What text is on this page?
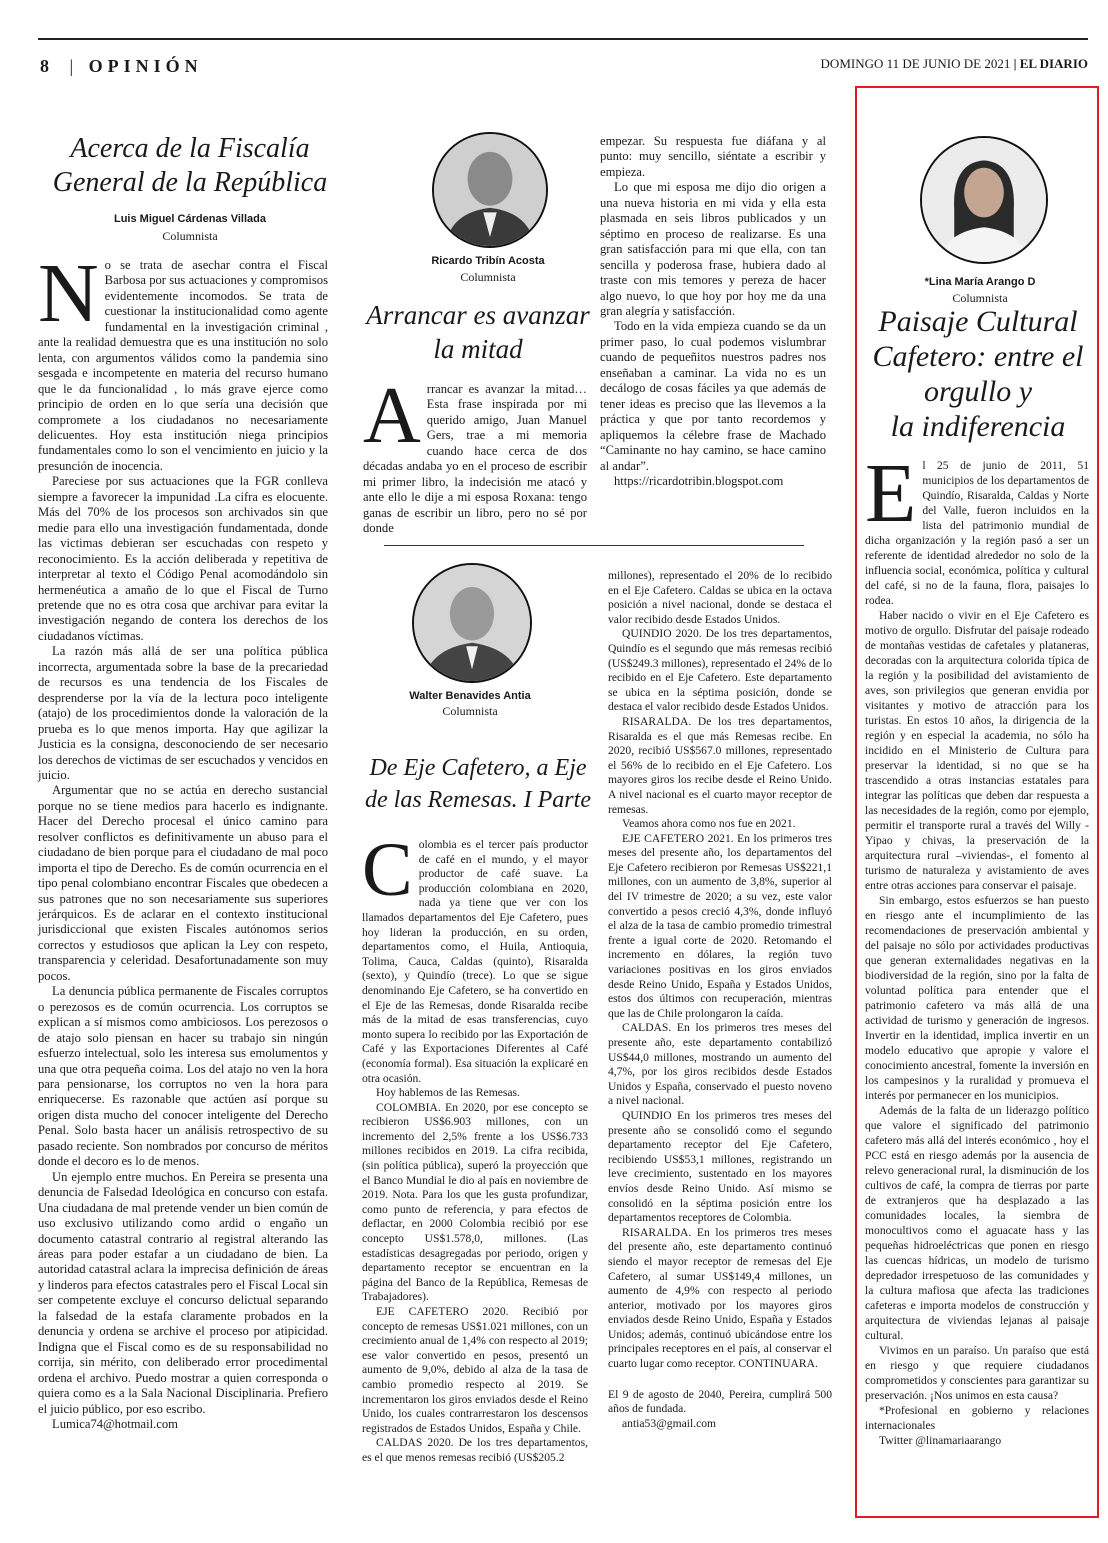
8 | OPINIÓN	DOMINGO 11 DE JUNIO DE 2021 | EL DIARIO
Acerca de la Fiscalía
General de la República
Luis Miguel Cárdenas Villada
Columnista
N o se trata de asechar contra el Fiscal Barbosa por sus actuaciones y compromisos evidentemente incomodos. Se trata de cuestionar la institucionalidad como agente fundamental en la investigación criminal , ante la realidad demuestra que es una institución no solo lenta, con argumentos válidos como la pandemia sino sesgada e incompetente en materia del recurso humano que le da funcionalidad , lo más grave ejerce como principio de orden en lo que sería una decisión que compromete a los ciudadanos no necesariamente delicuentes. Hoy esta institución niega principios fundamentales como lo son el vencimiento en juicio y la presunción de inocencia.

Pareciese por sus actuaciones que la FGR conlleva siempre a favorecer la impunidad .La cifra es elocuente. Más del 70% de los procesos son archivados sin que medie para ello una investigación fundamentada, donde las victimas debieran ser escuchadas con respeto y reconocimiento. Es la acción deliberada y repetitiva de interpretar al texto el Código Penal acomodándolo sin hermenéutica a amaño de lo que el Fiscal de Turno pretende que no es otra cosa que archivar para evitar la investigación negando de contera los derechos de los ciudadanos víctimas.

La razón más allá de ser una política pública incorrecta, argumentada sobre la base de la precariedad de recursos es una tendencia de los Fiscales de desprenderse por la vía de la lectura poco inteligente (atajo) de los procedimientos donde la valoración de la prueba es lo que menos importa. Hay que agilizar la Justicia es la consigna, desconociendo de ser necesario los derechos de victimas de ser escuchados y vencidos en juicio.

Argumentar que no se actúa en derecho sustancial porque no se tiene medios para hacerlo es indignante. Hacer del Derecho procesal el único camino para resolver conflictos es definitivamente un abuso para el ciudadano de bien porque para el ciudadano de mal poco importa el tipo de Derecho. Es de común ocurrencia en el tipo penal colombiano encontrar Fiscales que obedecen a sus patrones que no son necesariamente sus superiores jerárquicos. Es de aclarar en el contexto institucional jurisdiccional que existen Fiscales autónomos serios correctos y estudiosos que aplican la Ley con respeto, transparencia y celeridad. Desafortunadamente son muy pocos.

La denuncia pública permanente de Fiscales corruptos o perezosos es de común ocurrencia. Los corruptos se explican a sí mismos como ambiciosos. Los perezosos o de atajo solo piensan en hacer su trabajo sin ningún esfuerzo intelectual, solo les interesa sus emolumentos y una que otra pequeña coima. Los del atajo no ven la hora para pensionarse, los corruptos no ven la hora para enriquecerse. Es razonable que actúen así porque su origen dista mucho del conocer inteligente del Derecho Penal. Solo basta hacer un análisis retrospectivo de su pasado reciente. Son nombrados por concurso de méritos donde el decoro es lo de menos.

Un ejemplo entre muchos. En Pereira se presenta una denuncia de Falsedad Ideológica en concurso con estafa. Una ciudadana de mal pretende vender un bien común de uso exclusivo utilizando como ardid o engaño un documento catastral contrario al registral alterando las áreas para poder estafar a un ciudadano de bien. La autoridad catastral aclara la imprecisa definición de áreas y linderos para efectos catastrales pero el Fiscal Local sin ser competente excluye el concurso delictual separando la falsedad de la estafa claramente probados en la denuncia y ordena se archive el proceso por atipicidad. Indigna que el Fiscal como es de su responsabilidad no corrija, sin mérito, con deliberado error procedimental ordena el archivo. Puedo mostrar a quien corresponda o quiera como es a la Sala Nacional Disciplinaria. Prefiero el juicio público, por eso escribo.

Lumica74@hotmail.com

Ricardo Tribín Acosta
Columnista
Arrancar es avanzar
la mitad
A rrancar es avanzar la mitad… Esta frase inspirada por mi querido amigo, Juan Manuel Gers, trae a mi memoria cuando hace cerca de dos décadas andaba yo en el proceso de escribir mi primer libro, la indecisión me atacó y ante ello le dije a mi esposa Roxana: tengo ganas de escribir un libro, pero no sé por donde

empezar. Su respuesta fue diáfana y al punto: muy sencillo, siéntate a escribir y empieza.

Lo que mi esposa me dijo dio origen a una nueva historia en mi vida y ella esta plasmada en seis libros publicados y un séptimo en proceso de realizarse. Es una gran satisfacción para mi que ella, con tan sencilla y poderosa frase, hubiera dado al traste con mis temores y pereza de hacer algo nuevo, lo que hoy por hoy me da una gran alegría y satisfacción.

Todo en la vida empieza cuando se da un primer paso, lo cual podemos vislumbrar cuando de pequeñitos nuestros padres nos enseñaban a caminar. La vida no es un decálogo de cosas fáciles ya que además de tener ideas es preciso que las llevemos a la práctica y que por tanto recordemos y apliquemos la célebre frase de Machado “Caminante no hay camino, se hace camino al andar”.

https://ricardotribin.blogspot.com

Walter Benavides Antia
Columnista
De Eje Cafetero, a Eje
de las Remesas. I Parte
C olombia es el tercer país productor de café en el mundo, y el mayor productor de café suave. La producción colombiana en 2020, nada ya tiene que ver con los llamados departamentos del Eje Cafetero, pues hoy lideran la producción, en su orden, departamentos como, el Huila, Antioquia, Tolima, Cauca, Caldas (quinto), Risaralda (sexto), y Quindío (trece). Lo que se sigue denominando Eje Cafetero, se ha convertido en el Eje de las Remesas, donde Risaralda recibe más de la mitad de esas transferencias, cuyo monto supera lo recibido por las Exportación de Café y las Exportaciones Diferentes al Café (economía formal). Esa situación la explicaré en otra ocasión.

Hoy hablemos de las Remesas.

COLOMBIA. En 2020, por ese concepto se recibieron US$6.903 millones, con un incremento del 2,5% frente a los US$6.733 millones recibidos en 2019. La cifra recibida, (sin política pública), superó la proyección que el Banco Mundial le dio al país en noviembre de 2019. Nota. Para los que les gusta profundizar, como punto de referencia, y para efectos de deflactar, en 2000 Colombia recibió por ese concepto US$1.578,0, millones. (Las estadísticas desagregadas por periodo, origen y departamento receptor se encuentran en la página del Banco de la República, Remesas de Trabajadores).

EJE CAFETERO 2020. Recibió por concepto de remesas US$1.021 millones, con un crecimiento anual de 1,4% con respecto al 2019; ese valor convertido en pesos, presentó un aumento de 9,0%, debido al alza de la tasa de cambio promedio respecto al 2019. Se incrementaron los giros enviados desde el Reino Unido, los cuales contrarrestaron los descensos registrados de Estados Unidos, España y Chile.

CALDAS 2020. De los tres departamentos, es el que menos remesas recibió (US$205.2

millones), representado el 20% de lo recibido en el Eje Cafetero. Caldas se ubica en la octava posición a nivel nacional, donde se destaca el valor recibido desde Estados Unidos.

QUINDIO 2020. De los tres departamentos, Quindío es el segundo que más remesas recibió (US$249.3 millones), representado el 24% de lo recibido en el Eje Cafetero. Este departamento se ubica en la séptima posición, donde se destaca el valor recibido desde Estados Unidos.

RISARALDA. De los tres departamentos, Risaralda es el que más Remesas recibe. En 2020, recibió US$567.0 millones, representado el 56% de lo recibido en el Eje Cafetero. Los mayores giros los recibe desde el Reino Unido. A nivel nacional es el cuarto mayor receptor de remesas.

Veamos ahora como nos fue en 2021.

EJE CAFETERO 2021. En los primeros tres meses del presente año, los departamentos del Eje Cafetero recibieron por Remesas US$221,1 millones, con un aumento de 3,8%, superior al del IV trimestre de 2020; a su vez, este valor convertido a pesos creció 4,3%, donde influyó el alza de la tasa de cambio promedio trimestral frente a igual corte de 2020. Retomando el incremento en dólares, la región tuvo variaciones positivas en los giros enviados desde Reino Unido, España y Estados Unidos, estos dos últimos con recuperación, mientras que las de Chile prolongaron la caída.

CALDAS. En los primeros tres meses del presente año, este departamento contabilizó US$44,0 millones, mostrando un aumento del 4,7%, por los giros recibidos desde Estados Unidos y España, conservado el puesto noveno a nivel nacional.

QUINDIO En los primeros tres meses del presente año se consolidó como el segundo departamento receptor del Eje Cafetero, recibiendo US$53,1 millones, registrando un leve crecimiento, sustentado en los mayores envíos desde Reino Unido. Así mismo se consolidó en la séptima posición entre los departamentos receptores de Colombia.

RISARALDA. En los primeros tres meses del presente año, este departamento continuó siendo el mayor receptor de remesas del Eje Cafetero, al sumar US$149,4 millones, un aumento de 4,9% con respecto al periodo anterior, motivado por los mayores giros enviados desde Reino Unido, España y Estados Unidos; además, continuó ubicándose entre los principales receptores en el país, al conservar el cuarto lugar como receptor. CONTINUARA.

El 9 de agosto de 2040, Pereira, cumplirá 500 años de fundada.

antia53@gmail.com

*Lina María Arango D
Columnista
Paisaje Cultural
Cafetero: entre el
orgullo y
la indiferencia
E l 25 de junio de 2011, 51 municipios de los departamentos de Quindío, Risaralda, Caldas y Norte del Valle, fueron incluidos en la lista del patrimonio mundial de dicha organización y la región pasó a ser un referente de identidad alrededor no solo de la influencia social, económica, política y cultural del café, si no de la fauna, flora, paisajes lo rodea.

Haber nacido o vivir en el Eje Cafetero es motivo de orgullo. Disfrutar del paisaje rodeado de montañas vestidas de cafetales y plataneras, decoradas con la arquitectura colorida típica de la región y la posibilidad del avistamiento de aves, son privilegios que generan envidia por visitantes y motivo de atracción para los turistas. En estos 10 años, la dirigencia de la región y en especial la academia, no sólo ha incidido en el Ministerio de Cultura para preservar la identidad, si no que se ha trascendido a otras instancias estatales para integrar las políticas que deben dar respuesta a las necesidades de la región, como por ejemplo, permitir el transporte rural a través del Willy - Yipao y chivas, la preservación de la arquitectura rural –viviendas-, el fomento al turismo de naturaleza y avistamiento de aves entre otras acciones para conservar el paisaje.

Sin embargo, estos esfuerzos se han puesto en riesgo ante el incumplimiento de las recomendaciones de preservación ambiental y del paisaje no sólo por actividades productivas que generan externalidades negativas en la biodiversidad de la región, sino por la falta de voluntad política para entender que el patrimonio cafetero va más allá de una actividad de turismo y generación de ingresos. Invertir en la identidad, implica invertir en un modelo educativo que apropie y valore el conocimiento ancestral, fomente la inversión en los campesinos y la ruralidad y promueva el interés por permanecer en los municipios.

Además de la falta de un liderazgo político que valore el significado del patrimonio cafetero más allá del interés económico , hoy el PCC está en riesgo además por la ausencia de relevo generacional rural, la disminución de los cultivos de café, la compra de tierras por parte de extranjeros que ha desplazado a las comunidades locales, la siembra de monocultivos como el aguacate hass y las pequeñas hidroeléctricas que ponen en riesgo las cuencas hídricas, un modelo de turismo depredador irrespetuoso de las comunidades y la cultura mafiosa que afecta las tradiciones cafeteras e importa modelos de construcción y arquitectura de viviendas lejanas al paisaje cultural.

Vivimos en un paraíso. Un paraíso que está en riesgo y que requiere ciudadanos comprometidos y conscientes para garantizar su preservación. ¡Nos unimos en esta causa?

*Profesional en gobierno y relaciones internacionales

Twitter @linamariaarango
